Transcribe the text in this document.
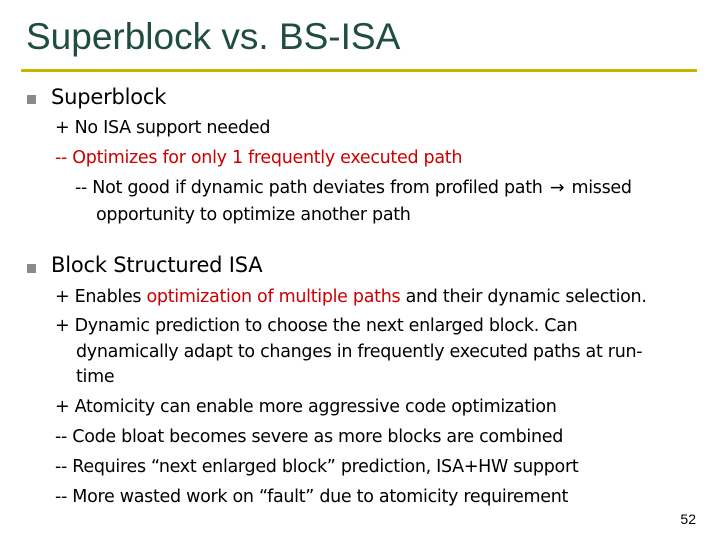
Superblock vs. BS-ISA
Superblock
+ No ISA support needed
-- Optimizes for only 1 frequently executed path
-- Not good if dynamic path deviates from profiled path → missed
opportunity to optimize another path
Block Structured ISA
+ Enables optimization of multiple paths and their dynamic selection.
+ Dynamic prediction to choose the next enlarged block. Can
dynamically adapt to changes in frequently executed paths at run-
time
+ Atomicity can enable more aggressive code optimization
-- Code bloat becomes severe as more blocks are combined
-- Requires “next enlarged block” prediction, ISA+HW support
-- More wasted work on “fault” due to atomicity requirement
52
